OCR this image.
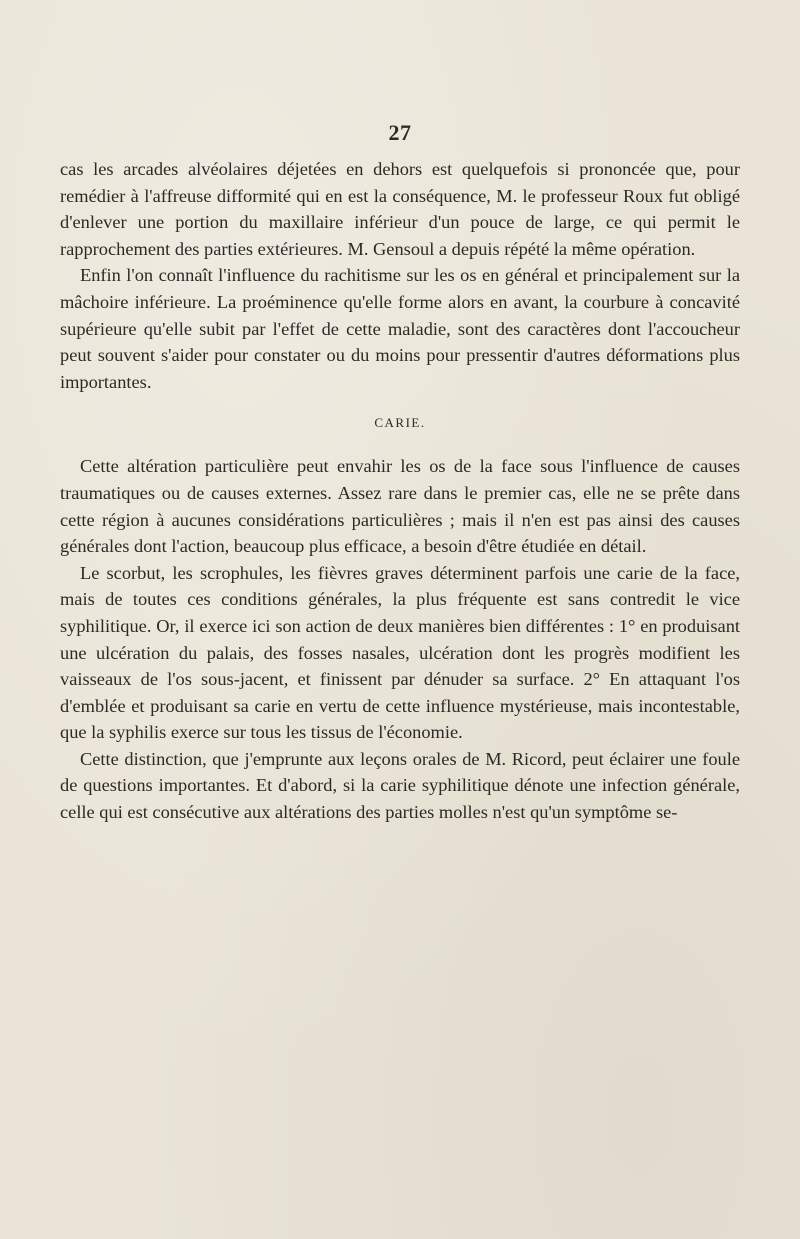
27

cas les arcades alvéolaires déjetées en dehors est quelquefois si prononcée que, pour remédier à l'affreuse difformité qui en est la conséquence, M. le professeur Roux fut obligé d'enlever une portion du maxillaire inférieur d'un pouce de large, ce qui permit le rapprochement des parties extérieures. M. Gensoul a depuis répété la même opération.

Enfin l'on connaît l'influence du rachitisme sur les os en général et principalement sur la mâchoire inférieure. La proéminence qu'elle forme alors en avant, la courbure à concavité supérieure qu'elle subit par l'effet de cette maladie, sont des caractères dont l'accoucheur peut souvent s'aider pour constater ou du moins pour pressentir d'autres déformations plus importantes.

CARIE.

Cette altération particulière peut envahir les os de la face sous l'influence de causes traumatiques ou de causes externes. Assez rare dans le premier cas, elle ne se prête dans cette région à aucunes considérations particulières ; mais il n'en est pas ainsi des causes générales dont l'action, beaucoup plus efficace, a besoin d'être étudiée en détail.

Le scorbut, les scrophules, les fièvres graves déterminent parfois une carie de la face, mais de toutes ces conditions générales, la plus fréquente est sans contredit le vice syphilitique. Or, il exerce ici son action de deux manières bien différentes : 1° en produisant une ulcération du palais, des fosses nasales, ulcération dont les progrès modifient les vaisseaux de l'os sous-jacent, et finissent par dénuder sa surface. 2° En attaquant l'os d'emblée et produisant sa carie en vertu de cette influence mystérieuse, mais incontestable, que la syphilis exerce sur tous les tissus de l'économie.

Cette distinction, que j'emprunte aux leçons orales de M. Ricord, peut éclairer une foule de questions importantes. Et d'abord, si la carie syphilitique dénote une infection générale, celle qui est consécutive aux altérations des parties molles n'est qu'un symptôme se-
